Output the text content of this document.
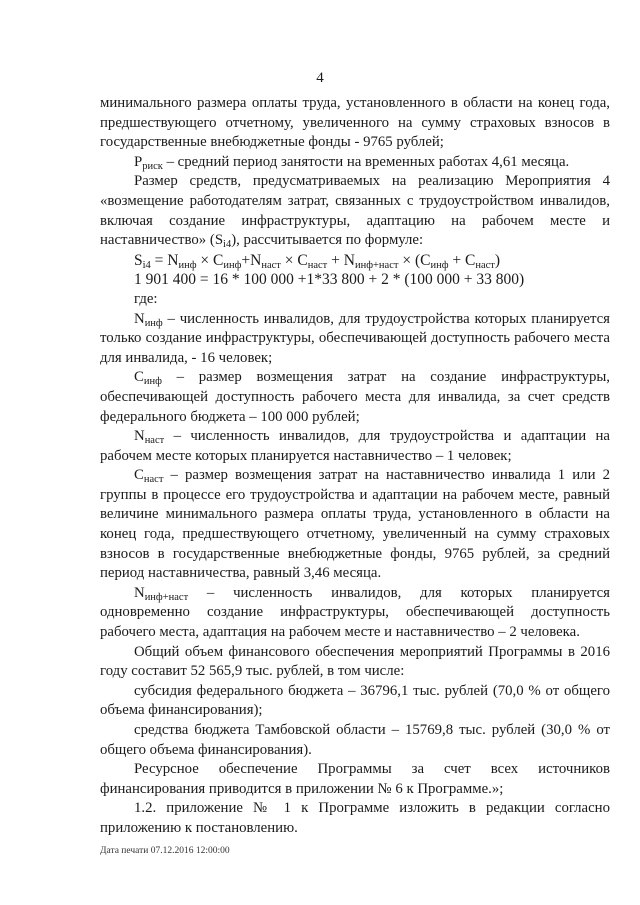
4

минимального размера оплаты труда, установленного в области на конец года, предшествующего отчетному, увеличенного на сумму страховых взносов в государственные внебюджетные фонды - 9765 рублей;

$P_{риск}$ – средний период занятости на временных работах 4,61 месяца.

Размер средств, предусматриваемых на реализацию Мероприятия 4 «возмещение работодателям затрат, связанных с трудоустройством инвалидов, включая создание инфраструктуры, адаптацию на рабочем месте и наставничество» $(S_{i4})$, рассчитывается по формуле:

$S_{i4} = N_{инф} \times C_{инф}+N_{наст} \times C_{наст} + N_{инф+наст} \times (C_{инф} + C_{наст})$

1 901 400 = 16 * 100 000 +1*33 800 + 2 * (100 000 + 33 800)

где:

$N_{инф}$ – численность инвалидов, для трудоустройства которых планируется только создание инфраструктуры, обеспечивающей доступность рабочего места для инвалида, - 16 человек;

$C_{инф}$ – размер возмещения затрат на создание инфраструктуры, обеспечивающей доступность рабочего места для инвалида, за счет средств федерального бюджета – 100 000 рублей;

$N_{наст}$ – численность инвалидов, для трудоустройства и адаптации на рабочем месте которых планируется наставничество – 1 человек;

$C_{наст}$ – размер возмещения затрат на наставничество инвалида 1 или 2 группы в процессе его трудоустройства и адаптации на рабочем месте, равный величине минимального размера оплаты труда, установленного в области на конец года, предшествующего отчетному, увеличенный на сумму страховых взносов в государственные внебюджетные фонды, 9765 рублей, за средний период наставничества, равный 3,46 месяца.

$N_{инф+наст}$ – численность инвалидов, для которых планируется одновременно создание инфраструктуры, обеспечивающей доступность рабочего места, адаптация на рабочем месте и наставничество – 2 человека.

Общий объем финансового обеспечения мероприятий Программы в 2016 году составит 52 565,9 тыс. рублей, в том числе:

субсидия федерального бюджета – 36796,1 тыс. рублей (70,0 % от общего объема финансирования);

средства бюджета Тамбовской области – 15769,8 тыс. рублей (30,0 % от общего объема финансирования).

Ресурсное обеспечение Программы за счет всех источников финансирования приводится в приложении № 6 к Программе.»;

1.2. приложение № 1 к Программе изложить в редакции согласно приложению к постановлению.

Дата печати 07.12.2016 12:00:00
